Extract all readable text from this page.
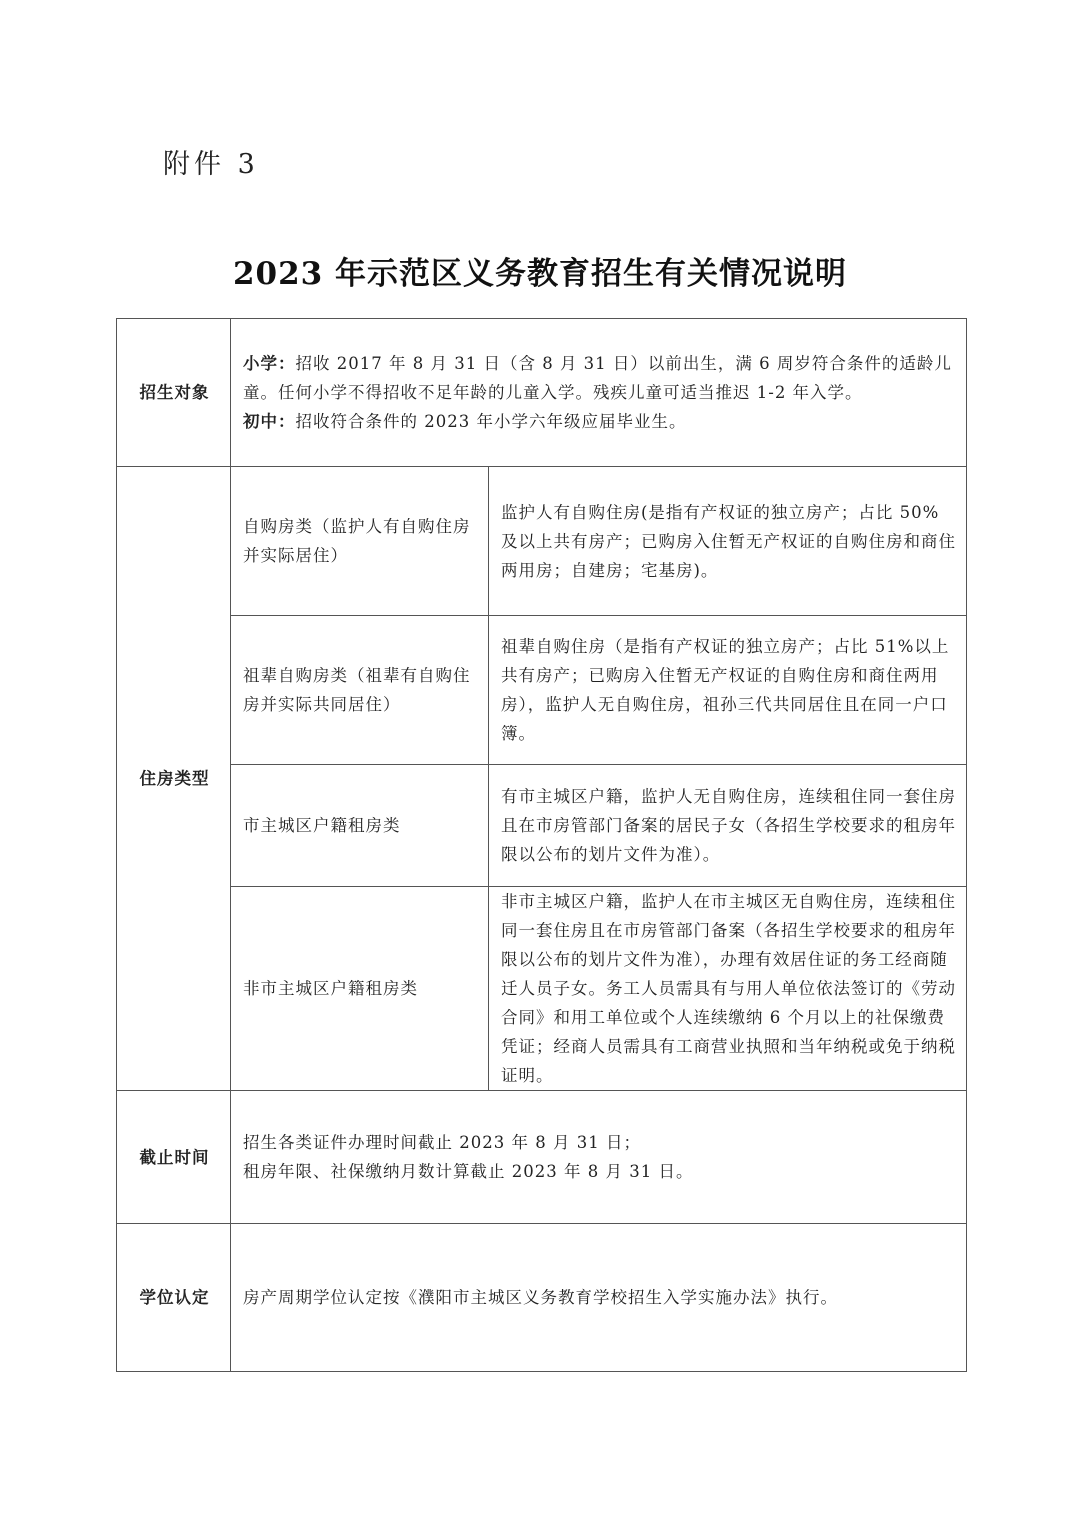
附件 3
2023 年示范区义务教育招生有关情况说明
招生对象	小学：招收 2017 年 8 月 31 日（含 8 月 31 日）以前出生，满 6 周岁符合条件的适龄儿童。任何小学不得招收不足年龄的儿童入学。残疾儿童可适当推迟 1-2 年入学。
初中：招收符合条件的 2023 年小学六年级应届毕业生。	

住房类型	自购房类（监护人有自购住房并实际居住）	监护人有自购住房(是指有产权证的独立房产；占比 50%及以上共有房产；已购房入住暂无产权证的自购住房和商住两用房；自建房；宅基房)。
	祖辈自购房类（祖辈有自购住房并实际共同居住）	祖辈自购住房（是指有产权证的独立房产；占比 51%以上共有房产；已购房入住暂无产权证的自购住房和商住两用房），监护人无自购住房，祖孙三代共同居住且在同一户口簿。
	市主城区户籍租房类	有市主城区户籍，监护人无自购住房，连续租住同一套住房且在市房管部门备案的居民子女（各招生学校要求的租房年限以公布的划片文件为准）。
	非市主城区户籍租房类	非市主城区户籍，监护人在市主城区无自购住房，连续租住同一套住房且在市房管部门备案（各招生学校要求的租房年限以公布的划片文件为准），办理有效居住证的务工经商随迁人员子女。务工人员需具有与用人单位依法签订的《劳动合同》和用工单位或个人连续缴纳 6 个月以上的社保缴费凭证；经商人员需具有工商营业执照和当年纳税或免于纳税证明。
截止时间	招生各类证件办理时间截止 2023 年 8 月 31 日；
租房年限、社保缴纳月数计算截止 2023 年 8 月 31 日。	

学位认定	房产周期学位认定按《濮阳市主城区义务教育学校招生入学实施办法》执行。	
